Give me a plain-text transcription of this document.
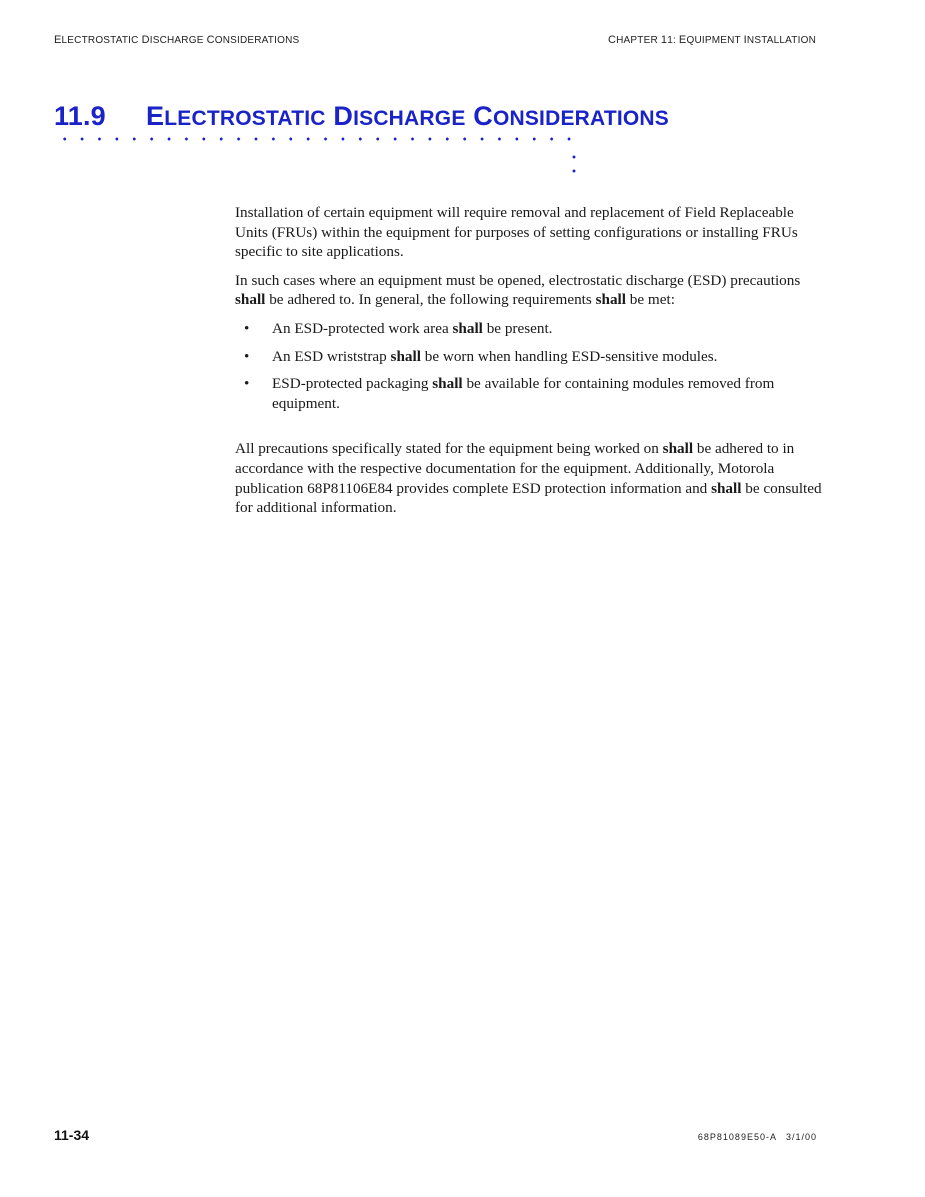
ELECTROSTATIC DISCHARGE CONSIDERATIONS	CHAPTER 11: EQUIPMENT INSTALLATION
11.9 ELECTROSTATIC DISCHARGE CONSIDERATIONS

Installation of certain equipment will require removal and replacement of Field Replaceable Units (FRUs) within the equipment for purposes of setting configurations or installing FRUs specific to site applications.

In such cases where an equipment must be opened, electrostatic discharge (ESD) precautions shall be adhered to. In general, the following requirements shall be met:

• An ESD-protected work area shall be present.
• An ESD wriststrap shall be worn when handling ESD-sensitive modules.
• ESD-protected packaging shall be available for containing modules removed from equipment.

All precautions specifically stated for the equipment being worked on shall be adhered to in accordance with the respective documentation for the equipment. Additionally, Motorola publication 68P81106E84 provides complete ESD protection information and shall be consulted for additional information.

11-34	68P81089E50-A 3/1/00
